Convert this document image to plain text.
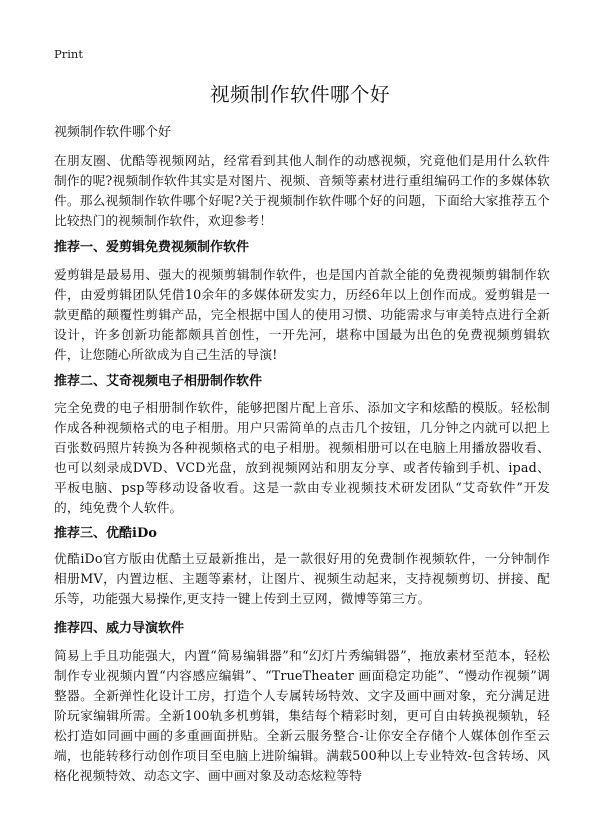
Print
视频制作软件哪个好

视频制作软件哪个好

在朋友圈、优酷等视频网站，经常看到其他人制作的动感视频，究竟他们是用什么软件制作的呢?视频制作软件其实是对图片、视频、音频等素材进行重组编码工作的多媒体软件。那么视频制作软件哪个好呢?关于视频制作软件哪个好的问题，下面给大家推荐五个比较热门的视频制作软件，欢迎参考！

推荐一、爱剪辑免费视频制作软件

爱剪辑是最易用、强大的视频剪辑制作软件，也是国内首款全能的免费视频剪辑制作软件，由爱剪辑团队凭借10余年的多媒体研发实力，历经6年以上创作而成。爱剪辑是一款更酷的颠覆性剪辑产品，完全根据中国人的使用习惯、功能需求与审美特点进行全新设计，许多创新功能都颇具首创性，一开先河，堪称中国最为出色的免费视频剪辑软件，让您随心所欲成为自己生活的导演!

推荐二、艾奇视频电子相册制作软件

完全免费的电子相册制作软件，能够把图片配上音乐、添加文字和炫酷的模版。轻松制作成各种视频格式的电子相册。用户只需简单的点击几个按钮，几分钟之内就可以把上百张数码照片转换为各种视频格式的电子相册。视频相册可以在电脑上用播放器收看、也可以刻录成DVD、VCD光盘，放到视频网站和朋友分享、或者传输到手机、ipad、平板电脑、psp等移动设备收看。这是一款由专业视频技术研发团队“艾奇软件”开发的，纯免费个人软件。

推荐三、优酷iDo

优酷iDo官方版由优酷土豆最新推出，是一款很好用的免费制作视频软件，一分钟制作相册MV，内置边框、主题等素材，让图片、视频生动起来，支持视频剪切、拼接、配乐等，功能强大易操作,更支持一键上传到土豆网，微博等第三方。

推荐四、威力导演软件

简易上手且功能强大，内置“简易编辑器”和“幻灯片秀编辑器”，拖放素材至范本，轻松制作专业视频内置“内容感应编辑”、“TrueTheater 画面稳定功能”、“慢动作视频”调整器。全新弹性化设计工房，打造个人专属转场特效、文字及画中画对象，充分满足进阶玩家编辑所需。全新100轨多机剪辑，集结每个精彩时刻，更可自由转换视频轨，轻松打造如同画中画的多重画面拼贴。全新云服务整合-让你安全存储个人媒体创作至云端，也能转移行动创作项目至电脑上进阶编辑。满载500种以上专业特效-包含转场、风格化视频特效、动态文字、画中画对象及动态炫粒等特
